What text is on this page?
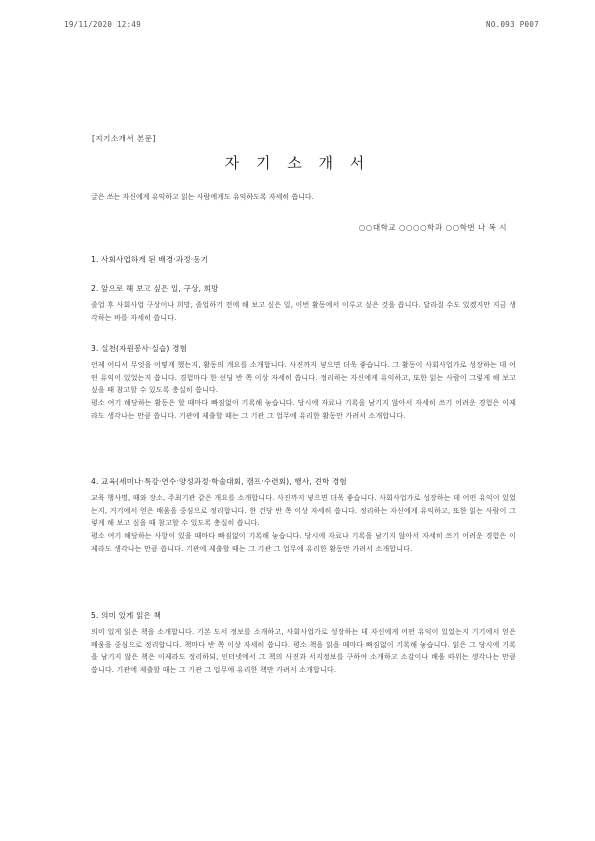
19/11/2020 12:49	NO.093 P007
[지기소개서 본문]
자 기 소 개 서
글은 쓰는 자신에게 유익하고 읽는 사람에게도 유익하도록 자세히 씁니다.
○○대학교 ○○○○학과 ○○학번 나 복 시
1. 사회사업하게 된 배경·과정·동기
2. 앞으로 해 보고 싶은 일, 구상, 희망

졸업 후 사회사업 구상이나 희망, 졸업하기 전에 해 보고 싶은 일, 이번 활동에서 이루고 싶은 것을 씁니다. 달라질 수도 있겠지만 지금 생각하는 바를 자세히 씁니다.

3. 실천(자원봉사·실습) 경험

언제 어디서 무엇을 어떻게 했는지, 활동의 개요를 소개합니다. 사진까지 넣으면 더욱 좋습니다. 그 활동이 사회사업가로 성장하는 데 어떤 유익이 있었는지 씁니다. 경험마다 한 선딩 반 쪽 이상 자세히 씁니다. 정리하는 자신에게 유익하고, 또한 읽는 사람이 그렇게 해 보고 싶을 때 참고할 수 있도록 충실히 씁니다.

평소 여기 해당하는 활동은 할 때마다 빠짐없이 기록해 놓습니다. 당시에 자료나 기록을 남기지 않아서 자세히 쓰기 어려운 경험은 이제라도 생각나는 만큼 씁니다. 기관에 제출할 때는 그 기관 그 업무에 유리한 활동만 가려서 소개합니다.

4. 교육(세미나·특강·연수·양성과정·학술대회, 캠프·수련회), 행사, 견학 경험

교육 행사명, 때와 장소, 주최기관 같은 개요를 소개합니다. 사진까지 넣으면 더욱 좋습니다. 사회사업가로 성장하는 데 어떤 유익이 있었는지, 거기에서 얻은 배움을 중심으로 정리합니다. 한 건당 반 쪽 이상 자세히 씁니다. 정리하는 자신에게 유익하고, 또한 읽는 사람이 그렇게 해 보고 싶을 때 참고할 수 있도록 충실히 씁니다.

평소 여기 해당하는 사항이 있을 때마다 빠짐없이 기록해 놓습니다. 당시에 자료나 기록을 남기지 않아서 자세히 쓰기 어려운 경험은 이제라도 생각나는 만큼 씁니다. 기관에 제출할 때는 그 기관 그 업무에 유리한 활동만 가려서 소개합니다.

5. 의미 있게 읽은 책

의미 있게 읽은 책을 소개합니다. 기본 도서 정보를 소개하고, 사회사업가로 성장하는 데 자신에게 어떤 유익이 있었는지 기기에서 얻은 배움을 중심으로 정리합니다. 책마다 반 쪽 이상 자세히 씁니다. 평소 책을 읽을 때마다 빠짐없이 기록해 놓습니다. 읽은 그 당시에 기록을 남기지 않은 책은 이제라도 정리하되, 인터넷에서 그 책의 사진과 서지정보를 구하여 소개하고 소감이나 배움 따위는 생각나는 만큼 씁니다. 기관에 제출할 때는 그 기관 그 업무에 유리한 책만 가려서 소개합니다.
